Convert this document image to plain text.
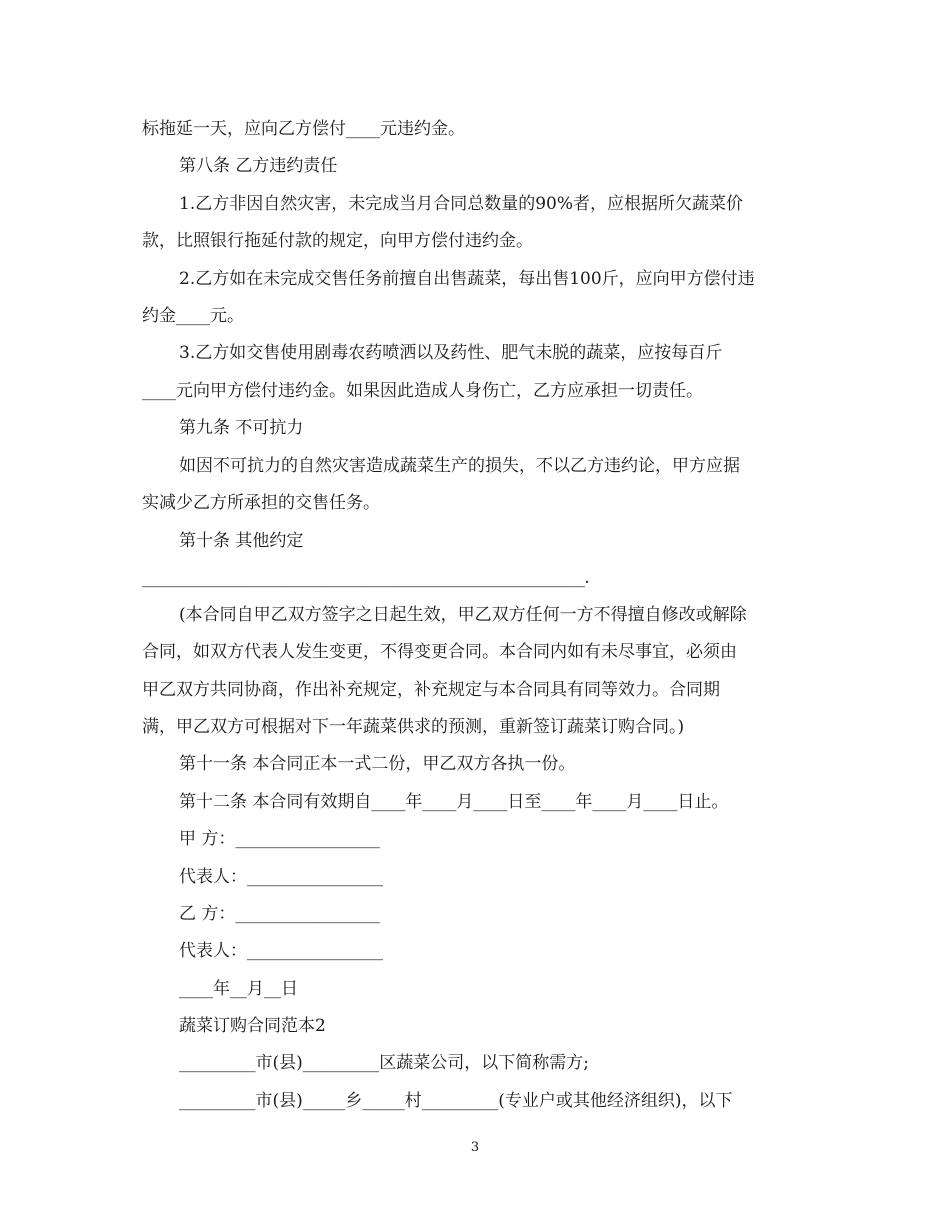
标拖延一天，应向乙方偿付____元违约金。
第八条 乙方违约责任
1.乙方非因自然灾害，未完成当月合同总数量的90%者，应根据所欠蔬菜价
款，比照银行拖延付款的规定，向甲方偿付违约金。
2.乙方如在未完成交售任务前擅自出售蔬菜，每出售100斤，应向甲方偿付违
约金____元。
3.乙方如交售使用剧毒农药喷洒以及药性、肥气未脱的蔬菜，应按每百斤
____元向甲方偿付违约金。如果因此造成人身伤亡，乙方应承担一切责任。
第九条 不可抗力
如因不可抗力的自然灾害造成蔬菜生产的损失，不以乙方违约论，甲方应据
实减少乙方所承担的交售任务。
第十条 其他约定
________________________________________________________.
(本合同自甲乙双方签字之日起生效，甲乙双方任何一方不得擅自修改或解除
合同，如双方代表人发生变更，不得变更合同。本合同内如有未尽事宜，必须由
甲乙双方共同协商，作出补充规定，补充规定与本合同具有同等效力。合同期
满，甲乙双方可根据对下一年蔬菜供求的预测，重新签订蔬菜订购合同。)
第十一条 本合同正本一式二份，甲乙双方各执一份。
第十二条 本合同有效期自____年____月____日至____年____月____日止。
甲 方：_________________
代表人：________________
乙 方：_________________
代表人：________________
____年__月__日
蔬菜订购合同范本2
_________市(县)_________区蔬菜公司，以下简称需方;
_________市(县)_____乡_____村_________(专业户或其他经济组织)，以下
3
